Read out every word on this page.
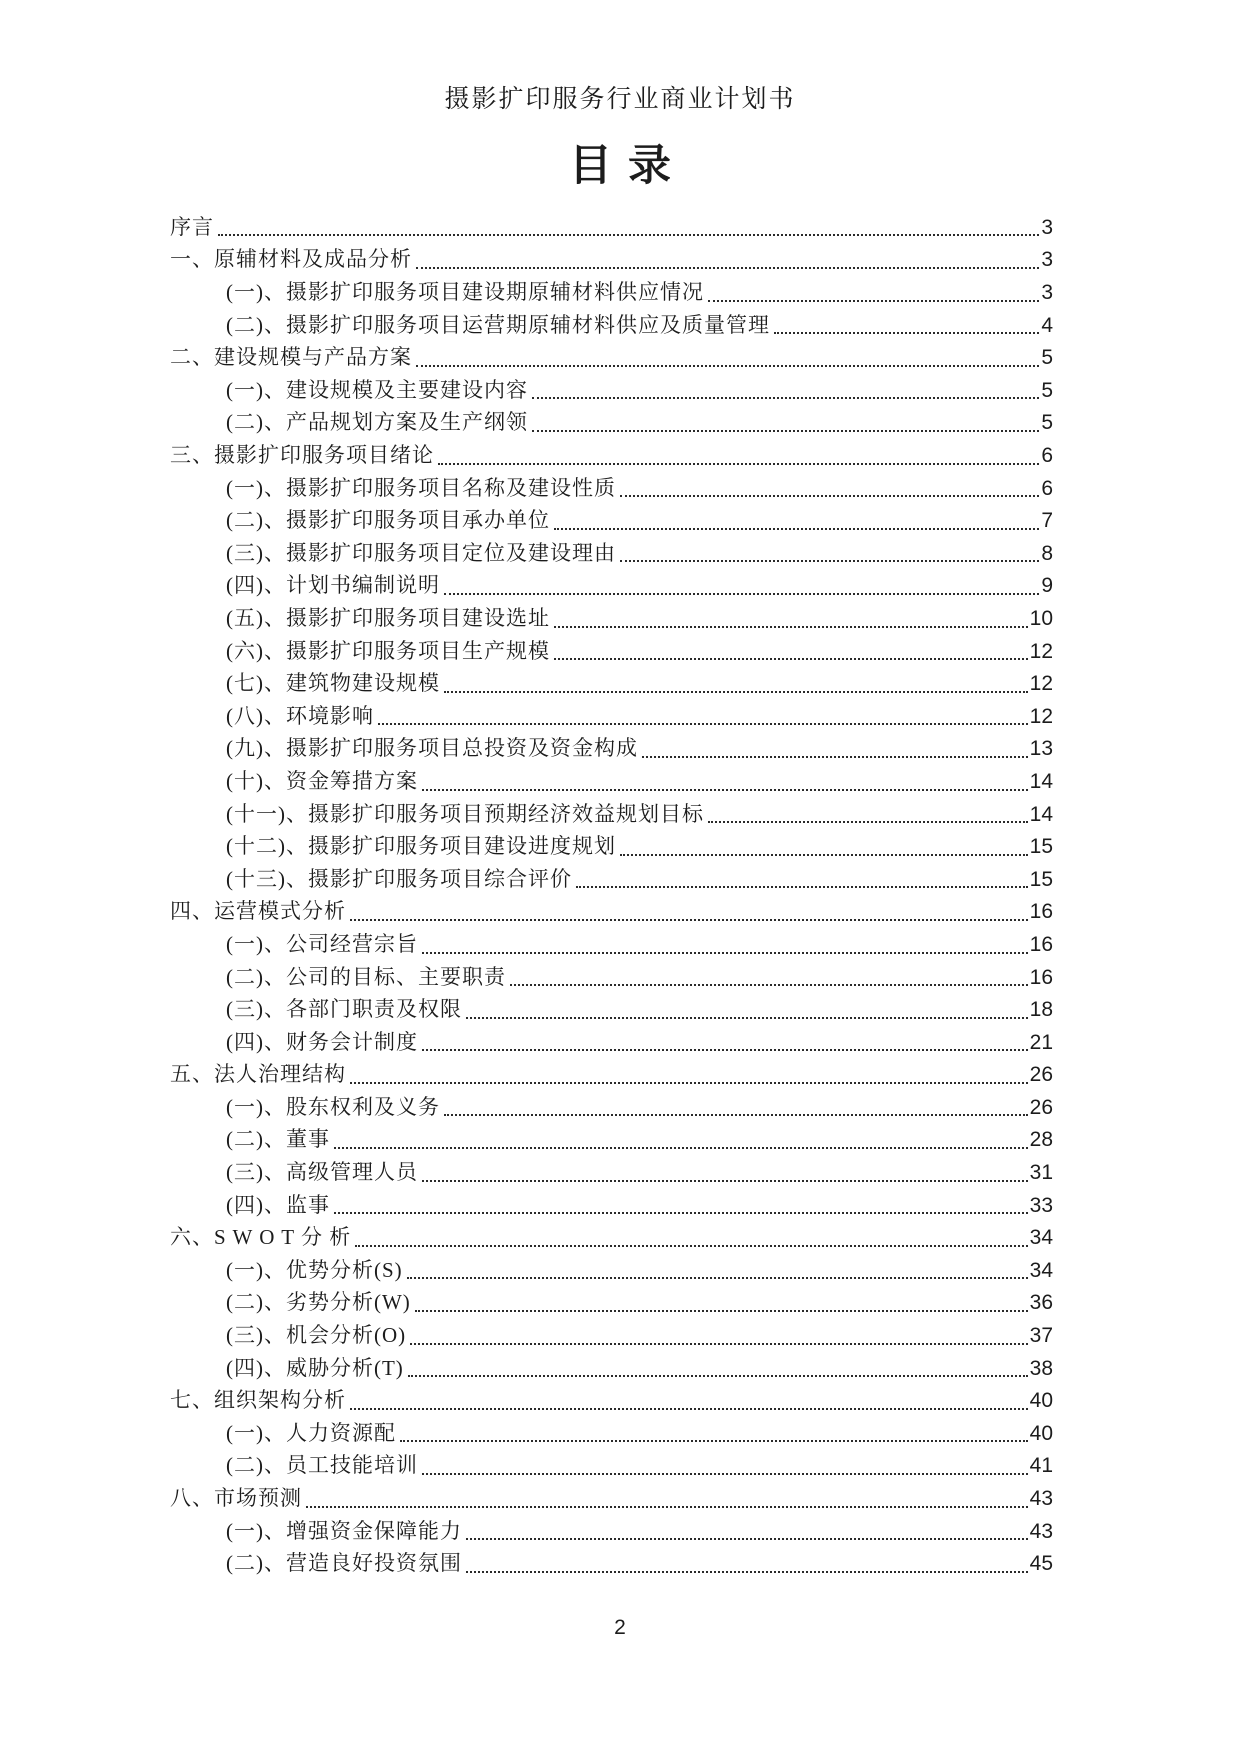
摄影扩印服务行业商业计划书
目录
序言	3
一、原辅材料及成品分析	3
(一)、摄影扩印服务项目建设期原辅材料供应情况	3
(二)、摄影扩印服务项目运营期原辅材料供应及质量管理	4
二、建设规模与产品方案	5
(一)、建设规模及主要建设内容	5
(二)、产品规划方案及生产纲领	5
三、摄影扩印服务项目绪论	6
(一)、摄影扩印服务项目名称及建设性质	6
(二)、摄影扩印服务项目承办单位	7
(三)、摄影扩印服务项目定位及建设理由	8
(四)、计划书编制说明	9
(五)、摄影扩印服务项目建设选址	10
(六)、摄影扩印服务项目生产规模	12
(七)、建筑物建设规模	12
(八)、环境影响	12
(九)、摄影扩印服务项目总投资及资金构成	13
(十)、资金筹措方案	14
(十一)、摄影扩印服务项目预期经济效益规划目标	14
(十二)、摄影扩印服务项目建设进度规划	15
(十三)、摄影扩印服务项目综合评价	15
四、运营模式分析	16
(一)、公司经营宗旨	16
(二)、公司的目标、主要职责	16
(三)、各部门职责及权限	18
(四)、财务会计制度	21
五、法人治理结构	26
(一)、股东权利及义务	26
(二)、董事	28
(三)、高级管理人员	31
(四)、监事	33
六、S W O T 分 析	34
(一)、优势分析(S)	34
(二)、劣势分析(W)	36
(三)、机会分析(O)	37
(四)、威胁分析(T)	38
七、组织架构分析	40
(一)、人力资源配	40
(二)、员工技能培训	41
八、市场预测	43
(一)、增强资金保障能力	43
(二)、营造良好投资氛围	45
2
